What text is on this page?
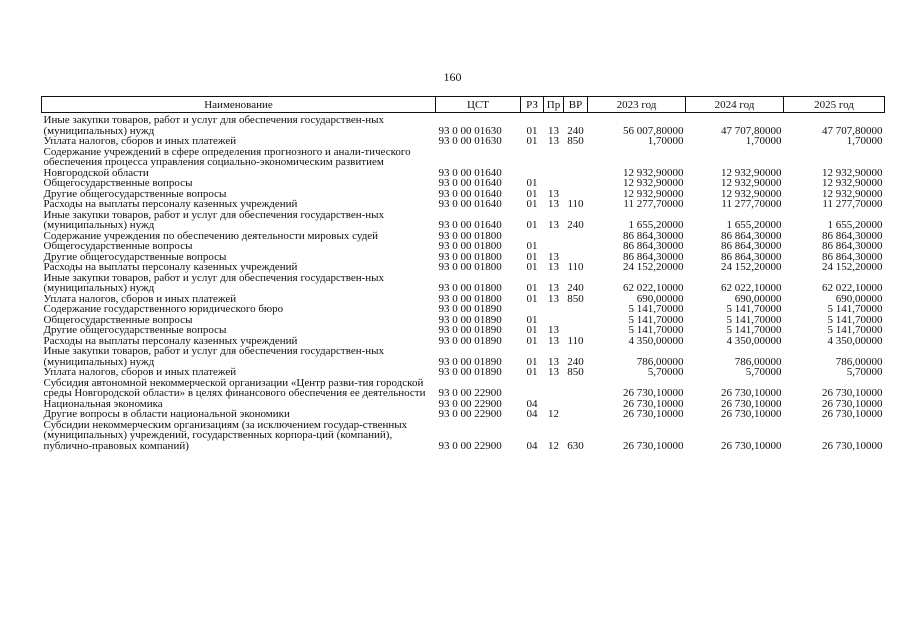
160
Наименование	ЦСТ	РЗ	Пр	ВР	2023 год	2024 год	2025 год
Иные закупки товаров, работ и услуг для обеспечения государствен-ных (муниципальных) нужд	93 0 00 01630	01	13	240	56 007,80000	47 707,80000	47 707,80000
Уплата налогов, сборов и иных платежей	93 0 00 01630	01	13	850	1,70000	1,70000	1,70000
Содержание учреждений в сфере определения прогнозного и анали-тического обеспечения процесса управления социально-экономическим развитием Новгородской области	93 0 00 01640				12 932,90000	12 932,90000	12 932,90000
Общегосударственные вопросы	93 0 00 01640	01			12 932,90000	12 932,90000	12 932,90000
Другие общегосударственные вопросы	93 0 00 01640	01	13		12 932,90000	12 932,90000	12 932,90000
Расходы на выплаты персоналу казенных учреждений	93 0 00 01640	01	13	110	11 277,70000	11 277,70000	11 277,70000
Иные закупки товаров, работ и услуг для обеспечения государствен-ных (муниципальных) нужд	93 0 00 01640	01	13	240	1 655,20000	1 655,20000	1 655,20000
Содержание учреждения по обеспечению деятельности мировых судей	93 0 00 01800				86 864,30000	86 864,30000	86 864,30000
Общегосударственные вопросы	93 0 00 01800	01			86 864,30000	86 864,30000	86 864,30000
Другие общегосударственные вопросы	93 0 00 01800	01	13		86 864,30000	86 864,30000	86 864,30000
Расходы на выплаты персоналу казенных учреждений	93 0 00 01800	01	13	110	24 152,20000	24 152,20000	24 152,20000
Иные закупки товаров, работ и услуг для обеспечения государствен-ных (муниципальных) нужд	93 0 00 01800	01	13	240	62 022,10000	62 022,10000	62 022,10000
Уплата налогов, сборов и иных платежей	93 0 00 01800	01	13	850	690,00000	690,00000	690,00000
Содержание государственного юридического бюро	93 0 00 01890				5 141,70000	5 141,70000	5 141,70000
Общегосударственные вопросы	93 0 00 01890	01			5 141,70000	5 141,70000	5 141,70000
Другие общегосударственные вопросы	93 0 00 01890	01	13		5 141,70000	5 141,70000	5 141,70000
Расходы на выплаты персоналу казенных учреждений	93 0 00 01890	01	13	110	4 350,00000	4 350,00000	4 350,00000
Иные закупки товаров, работ и услуг для обеспечения государствен-ных (муниципальных) нужд	93 0 00 01890	01	13	240	786,00000	786,00000	786,00000
Уплата налогов, сборов и иных платежей	93 0 00 01890	01	13	850	5,70000	5,70000	5,70000
Субсидия автономной некоммерческой организации «Центр разви-тия городской среды Новгородской области» в целях финансового обеспечения ее деятельности	93 0 00 22900				26 730,10000	26 730,10000	26 730,10000
Национальная экономика	93 0 00 22900	04			26 730,10000	26 730,10000	26 730,10000
Другие вопросы в области национальной экономики	93 0 00 22900	04	12		26 730,10000	26 730,10000	26 730,10000
Субсидии некоммерческим организациям (за исключением государ-ственных (муниципальных) учреждений, государственных корпора-ций (компаний), публично-правовых компаний)	93 0 00 22900	04	12	630	26 730,10000	26 730,10000	26 730,10000
